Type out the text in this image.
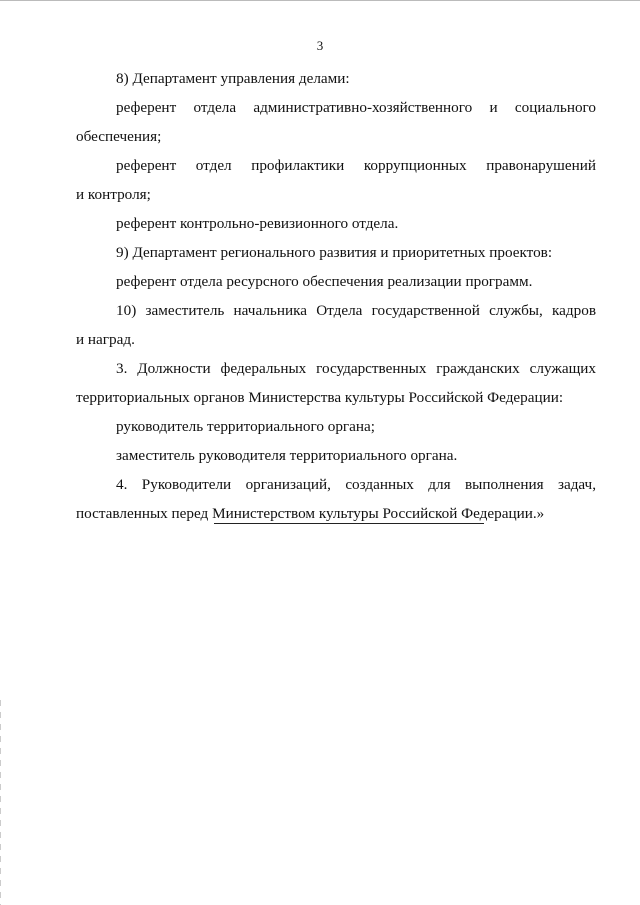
3
8) Департамент управления делами:
референт отдела административно-хозяйственного и социального
обеспечения;
референт отдел профилактики коррупционных правонарушений
и контроля;
референт контрольно-ревизионного отдела.
9) Департамент регионального развития и приоритетных проектов:
референт отдела ресурсного обеспечения реализации программ.
10) заместитель начальника Отдела государственной службы, кадров
и наград.
3. Должности федеральных государственных гражданских служащих
территориальных органов Министерства культуры Российской Федерации:
руководитель территориального органа;
заместитель руководителя территориального органа.
4. Руководители организаций, созданных для выполнения задач,
поставленных перед Министерством культуры Российской Федерации.»
